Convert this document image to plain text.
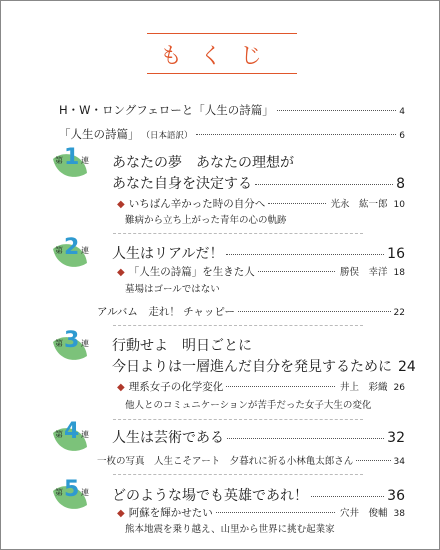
もくじ
H・W・ロングフェローと「人生の詩篇」	4
「人生の詩篇」 （日本語訳）	6
第 1 連 あなたの夢　あなたの理想が
あなた自身を決定する	8
◆ いちばん辛かった時の自分へ	光永　紘一郎 10
難病から立ち上がった青年の心の軌跡
第 2 連 人生はリアルだ！	16
◆ 「人生の詩篇」を生きた人	勝俣　幸洋 18
墓場はゴールではない
アルバム　走れ！ チャッピー	22
第 3 連 行動せよ　明日ごとに
今日よりは一層進んだ自分を発見するために 24
◆ 理系女子の化学変化	井上　彩織 26
他人とのコミュニケーションが苦手だった女子大生の変化
第 4 連 人生は芸術である	32
一枚の写真　人生こそアート　夕暮れに祈る小林亀太郎さん	34
第 5 連 どのような場でも英雄であれ！	36
◆ 阿蘇を輝かせたい	穴井　俊輔 38
熊本地震を乗り越え、山里から世界に挑む起業家
